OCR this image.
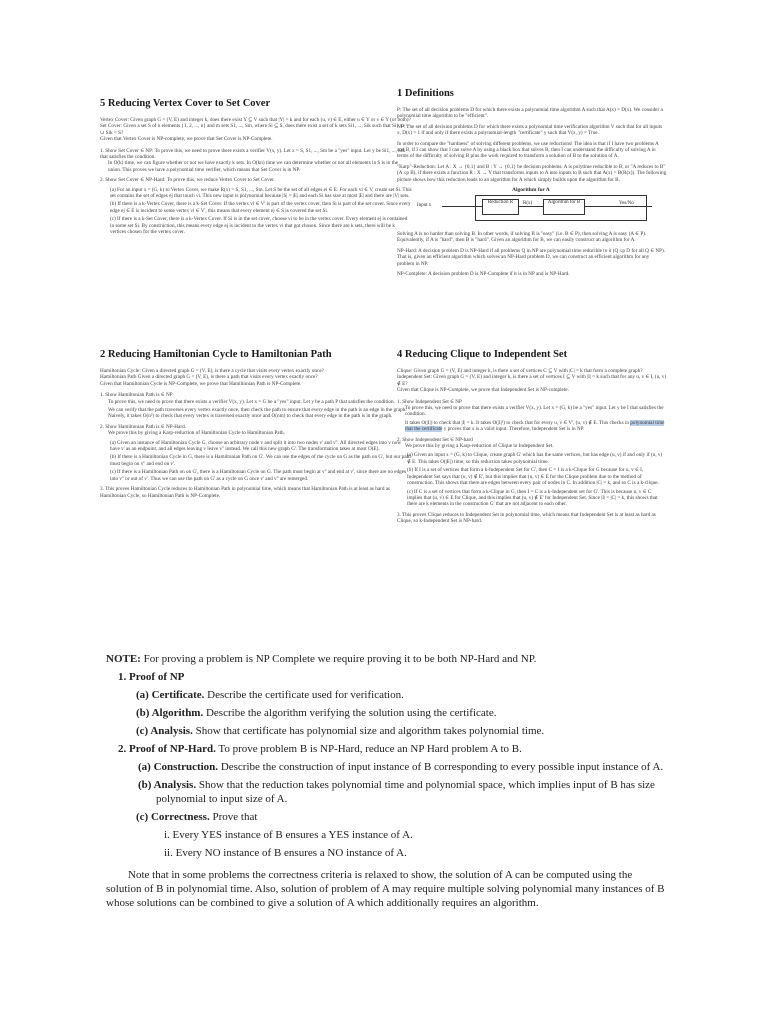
5 Reducing Vertex Cover to Set Cover

Vertex Cover: Given graph G = (V, E) and integer k, does there exist Y ⊆ V such that |Y| = k and for each (u, v) ∈ E, either u ∈ Y or v ∈ Y (or both)?

Set Cover: Given a set S of n elements {1, 2, ..., n} and m sets S1, ..., Sm, where Si ⊆ S, does there exist a set of k sets Si1, ..., Sik such that Si1 ∪ ··· ∪ Sik = S?

Given that Vertex Cover is NP-complete, we prove that Set Cover is NP-Complete.

1. Show Set Cover ∈ NP: To prove this, we need to prove there exists a verifier V(x, y). Let x = S, S1, ..., Sm be a "yes" input. Let y be Si1, ..., Sik that satisfies the condition.

In O(k) time, we can figure whether or not we have exactly k sets. In O(kn) time we can determine whether or not all elements in S is in the union. This proves we have a polynomial time verifier, which means that Set Cover is in NP.

2. Show Set Cover ∈ NP-Hard: To prove this, we reduce Vertex Cover to Set Cover.

(a) For an input x = (G, k) to Vertex Cover, we make R(x) = S, S1, ..., Sm. Let S be the set of all edges ei ∈ E. For each vi ∈ V, create set Si. This set contains the set of edges ej that touch vi. This new input is polynomial because |S| = |E| and each Si has size at most |E| and there are |V| sets.

(b) If there is a k-Vertex Cover, there is a k-Set Cover. If the vertex vi ∈ V' is part of the vertex cover, then Si is part of the set cover. Since every edge ej ∈ E is incident to some vertex vi ∈ V', this means that every element ej ∈ S is covered the set Si.

(c) If there is a k-Set Cover, there is a k-Vertex Cover. If Si is in the set cover, choose vi to be in the vertex cover. Every element ej is contained in some set Si. By construction, this means every edge ej is incident to the vertex vi that got chosen. Since there are k sets, there will be k vertices chosen for the vertex cover.

2 Reducing Hamiltonian Cycle to Hamiltonian Path

Hamiltonian Cycle: Given a directed graph G = (V, E), is there a cycle that visits every vertex exactly once?

Hamiltonian Path Given a directed graph G = (V, E), is there a path that visits every vertex exactly once?

Given that Hamiltonian Cycle is NP-Complete, we prove that Hamiltonian Path is NP-Complete.

1. Show Hamiltonian Path is ∈ NP

To prove this, we need to prove that there exists a verifier V(x, y). Let x = G be a "yes" input. Let y be a path P that satisfies the condition.

We can verify that the path traverses every vertex exactly once, then check the path to ensure that every edge in the path is an edge in the graph. Naively, it takes O(n²) to check that every vertex is traversed exactly once and O(nm) to check that every edge in the path is in the graph.

2. Show Hamiltonian Path is ∈ NP-Hard.

We prove this by giving a Karp-reduction of Hamiltonian Cycle to Hamiltonian Path.

(a) Given an instance of Hamiltonian Cycle G, choose an arbitrary node v and split it into two nodes v' and v''. All directed edges into v now have v' as an endpoint, and all edges leaving v leave v'' instead. We call this new graph G'. The transformation takes at most O(E).

(b) If there is a Hamiltonian Cycle in G, there is a Hamiltonian Path on G'. We can use the edges of the cycle on G as the path on G', but our path must begin on v'' and end on v'.

(c) If there is a Hamiltonian Path on on G', there is a Hamiltonian Cycle on G. The path must begin at v'' and end at v', since there are no edges into v'' or out of v'. Thus we can use the path on G' as a cycle on G once v' and v'' are remerged.

3. This proves Hamiltonian Cycle reduces to Hamiltonian Path in polynomial time, which means that Hamiltonian Path is at least as hard as Hamiltonian Cycle, so Hamiltonian Path is NP-Complete.

1 Definitions

P: The set of all decision problems D for which there exists a polynomial time algorithm A such that A(x) = D(x). We consider a polynomial time algorithm to be "efficient".

NP: The set of all decision problems D for which there exists a polynomial time verification algorithm V such that for all inputs x, D(x) = 1 if and only if there exists a polynomial-length "certificate" y such that V(x, y) = True.

In order to compare the "hardness" of solving different problems, we use reductions! The idea is that if I have two problems A and B, if I can show that I can solve A by using a black box that solves B, then I can understand the difficulty of solving A in terms of the difficulty of solving B plus the work required to transform a solution of B to the solution of A.

"Karp"-Reduction: Let A : X → {0,1} and B : Y → {0,1} be decision problems. A is polytime reducible to B, or "A reduces to B" (A ≤p B), if there exists a function R : X → Y that transforms inputs to A into inputs to B such that A(x) = B(R(x)). The following picture shows how this reduction leads to an algorithm for A which simply builds upon the algorithm for B.

Algorithm for A
Input x
Reduction R	R(x)	Algorithm for B	Yes/No

Solving A is no harder than solving B. In other words, if solving B is "easy" (i.e. B ∈ P), then solving A is easy (A ∈ P). Equivalently, if A is "hard", then B is "hard". Given an algorithm for B, we can easily construct an algorithm for A.

NP-Hard: A decision problem D is NP-Hard if all problems Q in NP are polynomial time reducible to it (Q ≤p D for all Q ∈ NP). That is, given an efficient algorithm which solves an NP-Hard problem D, we can construct an efficient algorithm for any problem in NP.

NP-Complete: A decision problem D is NP-Complete if it is in NP and is NP-Hard.

4 Reducing Clique to Independent Set

Clique: Given graph G = (V, E) and integer k, is there a set of vertices C ⊆ V with |C| = k that form a complete graph?

Independent Set: Given graph G = (V, E) and integer k, is there a set of vertices I ⊆ V with |I| = k such that for any u, v ∈ I, (u, v) ∉ E?

Given that Clique is NP-Complete, we prove that Independent Set is NP-complete.

1. Show Independent Set ∈ NP

To prove this, we need to prove that there exists a verifier V(x, y). Let x = (G, k) be a "yes" input. Let y be I that satisfies the condition.

It takes O(|I|) to check that |I| = k. It takes O(|I|²) to check that for every u, v ∈ V', (u, v) ∉ E. This checks in polynomial time that the certificate y proves that x is a valid input. Therefore, Independent Set is in NP.

2. Show Independent Set ∈ NP-hard

We prove this by giving a Karp-reduction of Clique to Independent Set.

(a) Given an input x = (G, k) to Clique, create graph G' which has the same vertices, but has edge (u, v) if and only if (u, v) ∉ E. This takes O(|E|) time, so this reduction takes polynomial time.

(b) If I is a set of vertices that form a k-Independent Set for G', then C = I is a k-Clique for G because for u, v ∈ I, Independent Set says that (u, v) ∉ E', but this implies that (u, v) ∈ E for the Clique problem due to the method of construction. This shows that there are edges between every pair of nodes in C. In addition |C| = k, and so C is a k-clique.

(c) If C is a set of vertices that form a k-Clique in G, then I = C is a k-Independent set for G'. This is because u, v ∈ C implies that (u, v) ∈ E for Clique, and this implies that (u, v) ∉ E' for Independent Set. Since |I| = |C| = k, this shows that there are k elements in the construction G' that are not adjacent to each other.

3. This proves Clique reduces to Independent Set in polynomial time, which means that Independent Set is at least as hard as Clique, so k-Independent Set is NP-hard.

NOTE: For proving a problem is NP Complete we require proving it to be both NP-Hard and NP.

1. Proof of NP

(a) Certificate. Describe the certificate used for verification.

(b) Algorithm. Describe the algorithm verifying the solution using the certificate.

(c) Analysis. Show that certificate has polynomial size and algorithm takes polynomial time.

2. Proof of NP-Hard. To prove problem B is NP-Hard, reduce an NP Hard problem A to B.

(a) Construction. Describe the construction of input instance of B corresponding to every possible input instance of A.

(b) Analysis. Show that the reduction takes polynomial time and polynomial space, which implies input of B has size polynomial to input size of A.

(c) Correctness. Prove that

i. Every YES instance of B ensures a YES instance of A.

ii. Every NO instance of B ensures a NO instance of A.

Note that in some problems the correctness criteria is relaxed to show, the solution of A can be computed using the solution of B in polynomial time. Also, solution of problem of A may require multiple solving polynomial many instances of B whose solutions can be combined to give a solution of A which additionally requires an algorithm.
